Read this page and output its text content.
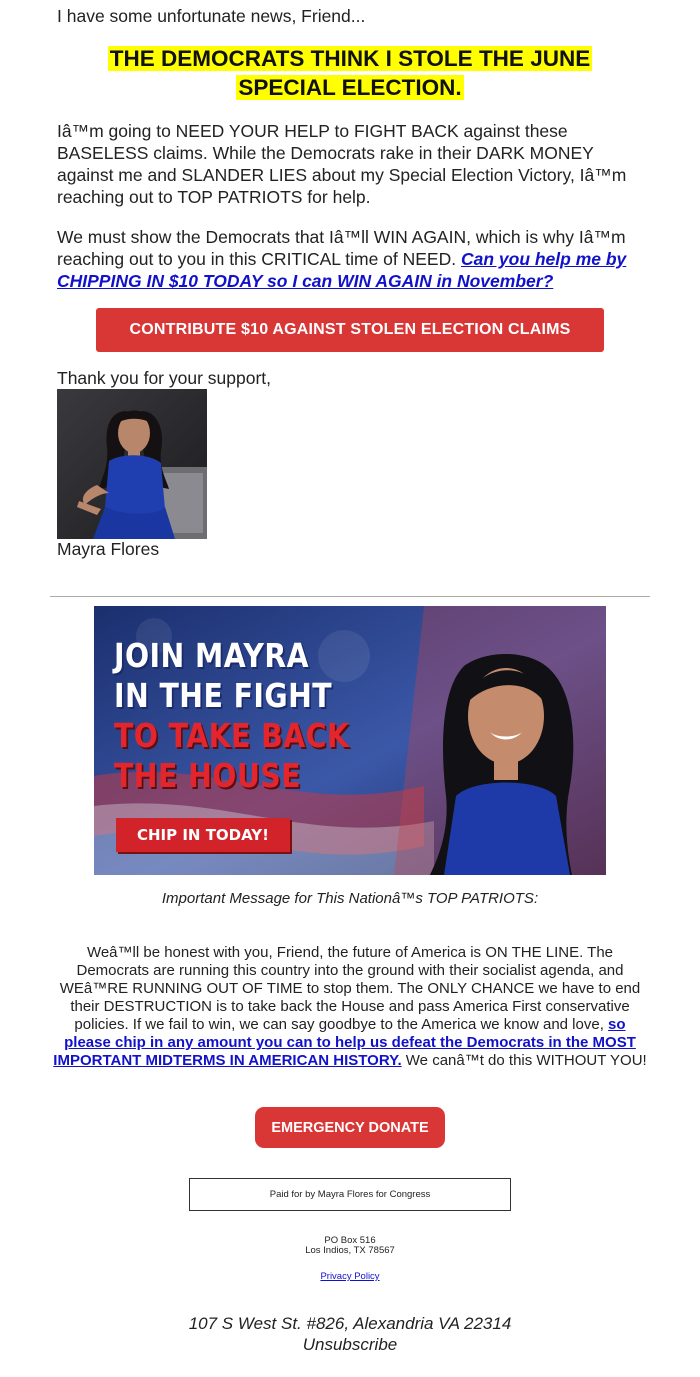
I have some unfortunate news, Friend...
THE DEMOCRATS THINK I STOLE THE JUNE
SPECIAL ELECTION.
Iâ™m going to NEED YOUR HELP to FIGHT BACK against these BASELESS claims. While the Democrats rake in their DARK MONEY against me and SLANDER LIES about my Special Election Victory, Iâ™m reaching out to TOP PATRIOTS for help.
We must show the Democrats that Iâ™ll WIN AGAIN, which is why Iâ™m reaching out to you in this CRITICAL time of NEED. Can you help me by CHIPPING IN $10 TODAY so I can WIN AGAIN in November?
CONTRIBUTE $10 AGAINST STOLEN ELECTION CLAIMS
Thank you for your support,
Mayra Flores
JOIN MAYRA
IN THE FIGHT
TO TAKE BACK
THE HOUSE
CHIP IN TODAY!
Important Message for This Nationâ™s TOP PATRIOTS:
Weâ™ll be honest with you, Friend, the future of America is ON THE LINE. The Democrats are running this country into the ground with their socialist agenda, and WEâ™RE RUNNING OUT OF TIME to stop them. The ONLY CHANCE we have to end their DESTRUCTION is to take back the House and pass America First conservative policies. If we fail to win, we can say goodbye to the America we know and love, so please chip in any amount you can to help us defeat the Democrats in the MOST IMPORTANT MIDTERMS IN AMERICAN HISTORY. We canâ™t do this WITHOUT YOU!
EMERGENCY DONATE
Paid for by Mayra Flores for Congress
PO Box 516
Los Indios, TX 78567
Privacy Policy
107 S West St. #826, Alexandria VA 22314
Unsubscribe
